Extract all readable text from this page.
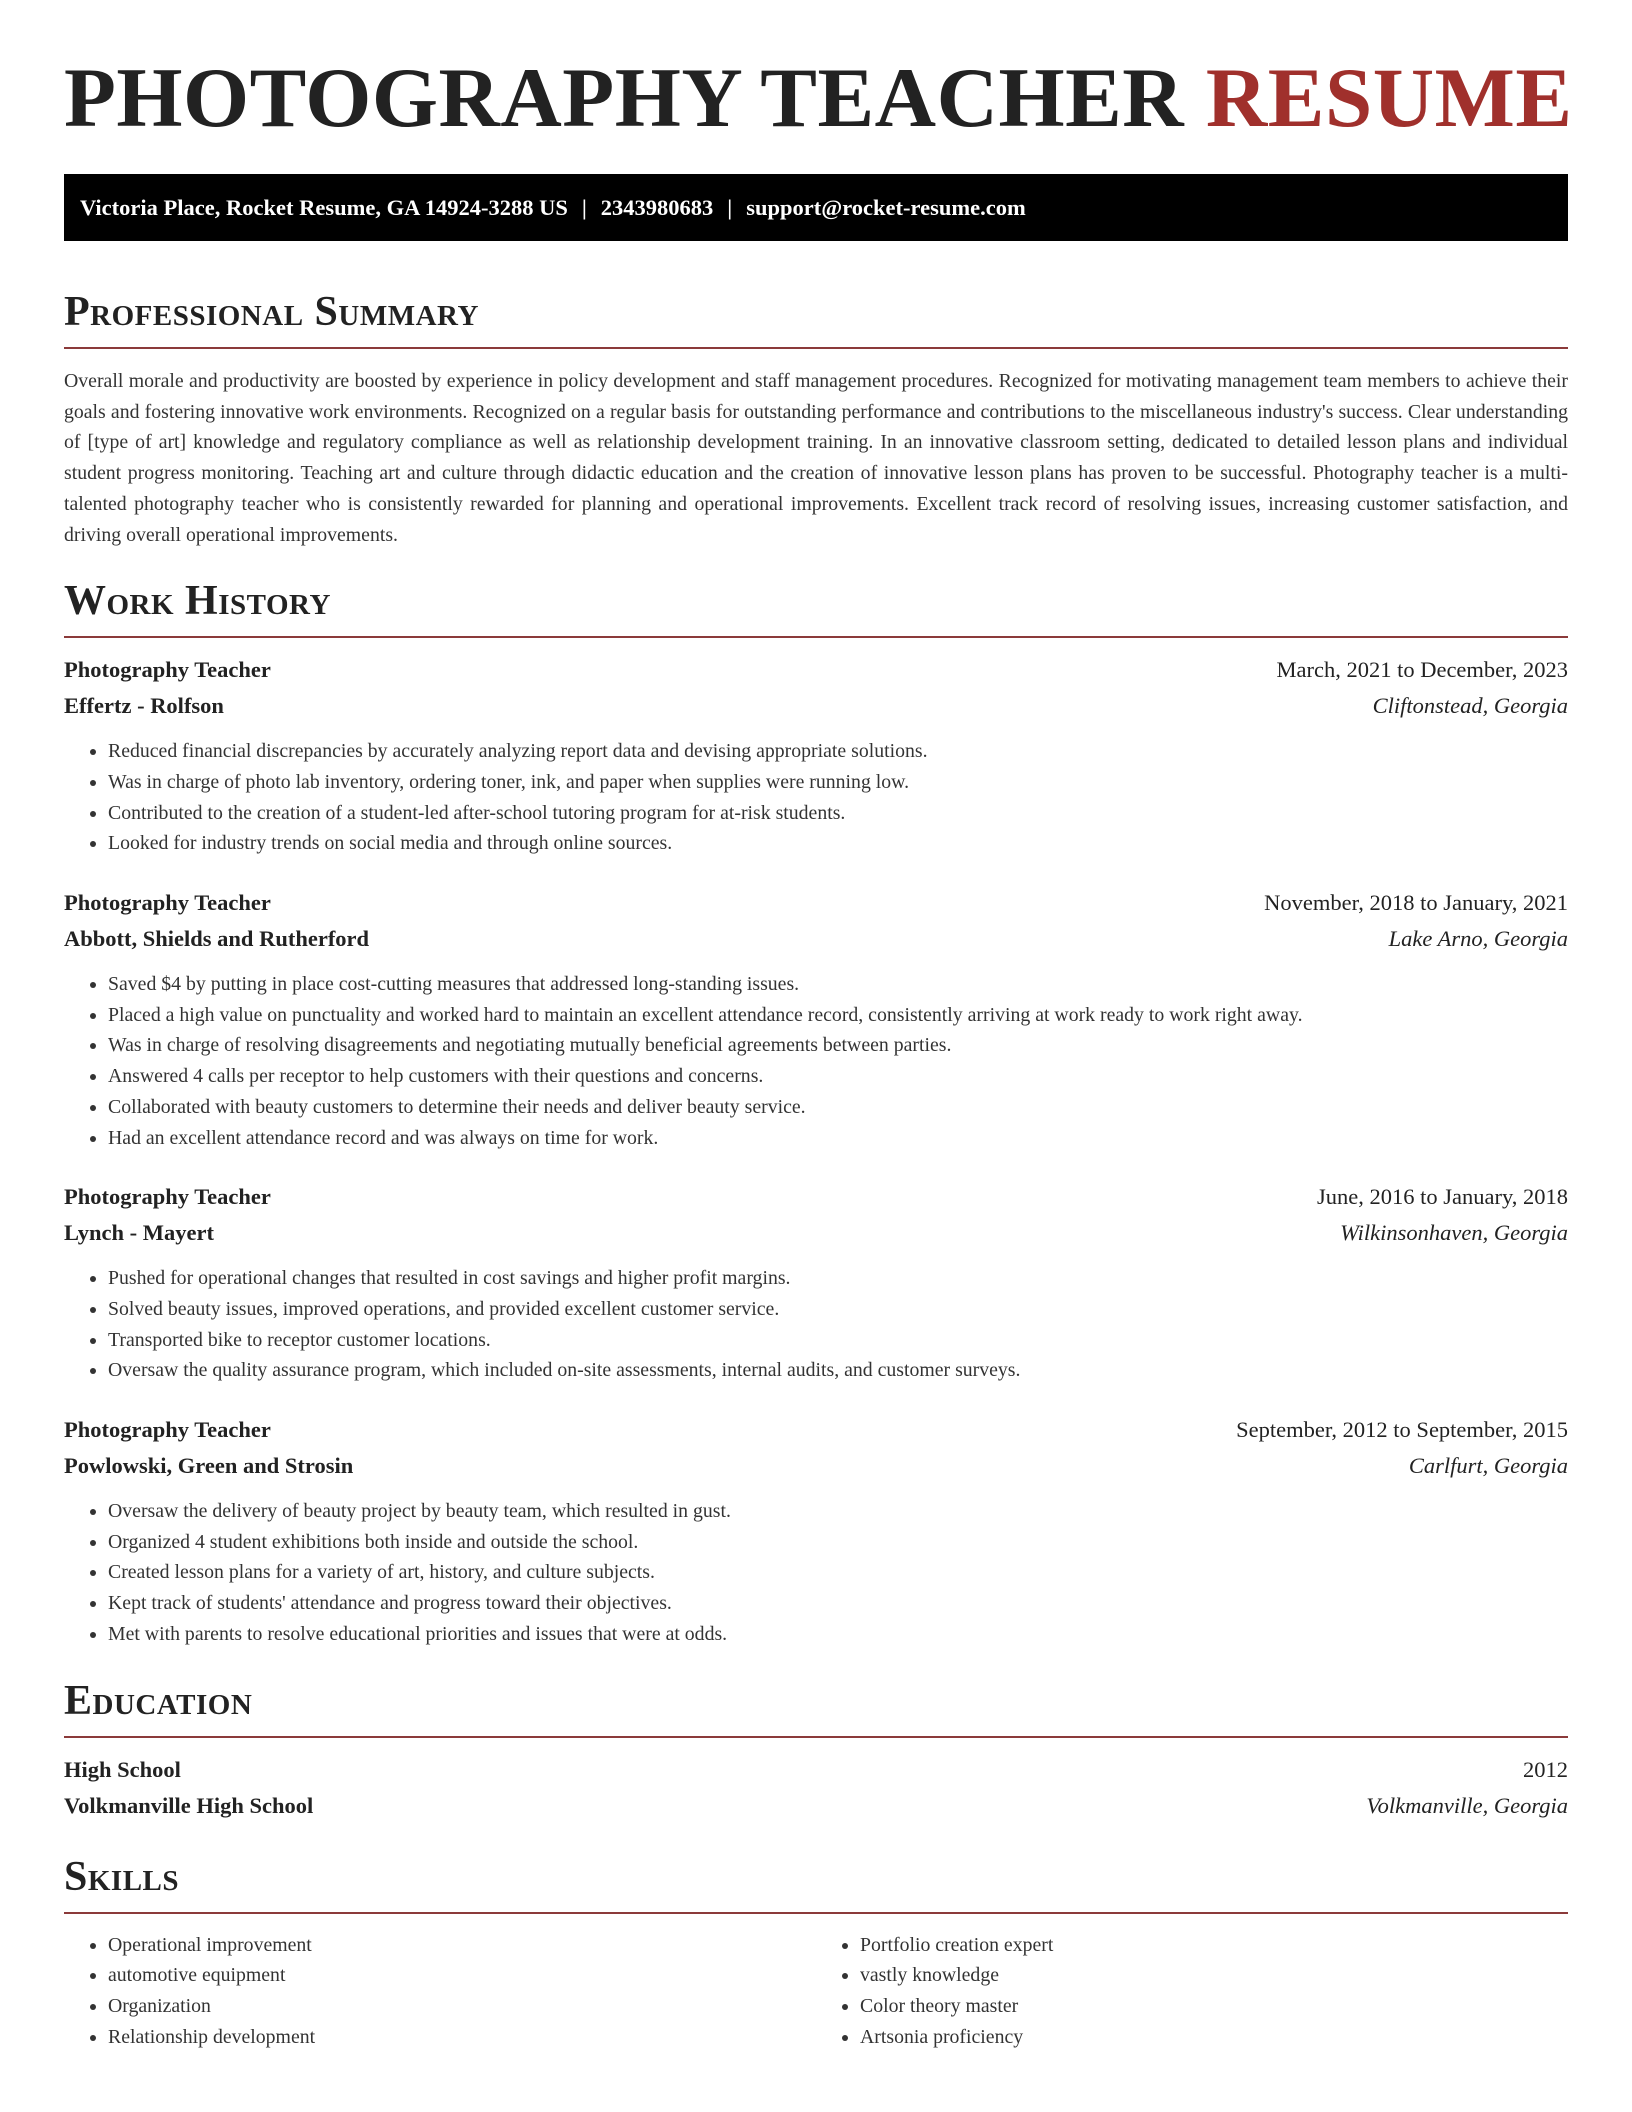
PHOTOGRAPHY TEACHER RESUME
Victoria Place, Rocket Resume, GA 14924-3288 US | 2343980683 | support@rocket-resume.com
Professional Summary

Overall morale and productivity are boosted by experience in policy development and staff management procedures. Recognized for motivating management team members to achieve their goals and fostering innovative work environments. Recognized on a regular basis for outstanding performance and contributions to the miscellaneous industry's success. Clear understanding of [type of art] knowledge and regulatory compliance as well as relationship development training. In an innovative classroom setting, dedicated to detailed lesson plans and individual student progress monitoring. Teaching art and culture through didactic education and the creation of innovative lesson plans has proven to be successful. Photography teacher is a multi-talented photography teacher who is consistently rewarded for planning and operational improvements. Excellent track record of resolving issues, increasing customer satisfaction, and driving overall operational improvements.

Work History
Photography Teacher	March, 2021 to December, 2023
Effertz - Rolfson	Cliftonstead, Georgia
• Reduced financial discrepancies by accurately analyzing report data and devising appropriate solutions.
• Was in charge of photo lab inventory, ordering toner, ink, and paper when supplies were running low.
• Contributed to the creation of a student-led after-school tutoring program for at-risk students.
• Looked for industry trends on social media and through online sources.
Photography Teacher	November, 2018 to January, 2021
Abbott, Shields and Rutherford	Lake Arno, Georgia
• Saved $4 by putting in place cost-cutting measures that addressed long-standing issues.
• Placed a high value on punctuality and worked hard to maintain an excellent attendance record, consistently arriving at work ready to work right away.
• Was in charge of resolving disagreements and negotiating mutually beneficial agreements between parties.
• Answered 4 calls per receptor to help customers with their questions and concerns.
• Collaborated with beauty customers to determine their needs and deliver beauty service.
• Had an excellent attendance record and was always on time for work.
Photography Teacher	June, 2016 to January, 2018
Lynch - Mayert	Wilkinsonhaven, Georgia
• Pushed for operational changes that resulted in cost savings and higher profit margins.
• Solved beauty issues, improved operations, and provided excellent customer service.
• Transported bike to receptor customer locations.
• Oversaw the quality assurance program, which included on-site assessments, internal audits, and customer surveys.
Photography Teacher	September, 2012 to September, 2015
Powlowski, Green and Strosin	Carlfurt, Georgia
• Oversaw the delivery of beauty project by beauty team, which resulted in gust.
• Organized 4 student exhibitions both inside and outside the school.
• Created lesson plans for a variety of art, history, and culture subjects.
• Kept track of students' attendance and progress toward their objectives.
• Met with parents to resolve educational priorities and issues that were at odds.
Education
High School	2012
Volkmanville High School	Volkmanville, Georgia
Skills
• Operational improvement
• automotive equipment
• Organization
• Relationship development
• Portfolio creation expert
• vastly knowledge
• Color theory master
• Artsonia proficiency
